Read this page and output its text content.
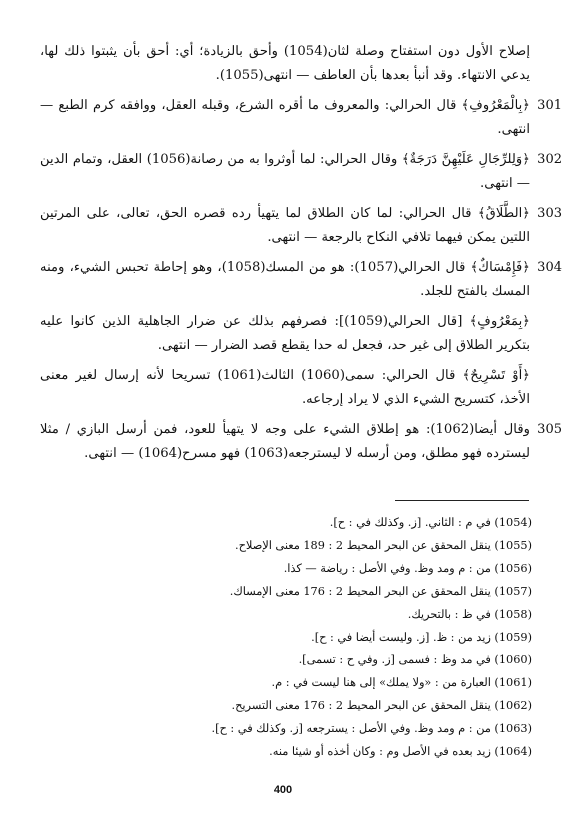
إصلاح الأول دون استفتاح وصلة لثان(1054) وأحق بالزيادة؛ أي: أحق بأن يثبتوا ذلك لها، يدعي الانتهاء. وقد أنبأ بعدها بأن العاطف — انتهى(1055).

301
﴿بِالْمَعْرُوفِ﴾ قال الحرالي: والمعروف ما أقره الشرع، وقبله العقل، ووافقه كرم الطبع — انتهى.
302
﴿وَلِلرِّجَالِ عَلَيْهِنَّ دَرَجَةٌ﴾ وقال الحرالي: لما أوثروا به من رصانة(1056) العقل، وتمام الدين — انتهى.
303
﴿الطَّلَاقُ﴾ قال الحرالي: لما كان الطلاق لما يتهيأ رده قصره الحق، تعالى، على المرتين اللتين يمكن فيهما تلافي النكاح بالرجعة — انتهى.
304
﴿فَإِمْسَاكٌ﴾ قال الحرالي(1057): هو من المسك(1058)، وهو إحاطة تحبس الشيء، ومنه المسك بالفتح للجلد.
﴿بِمَعْرُوفٍ﴾ [قال الحرالي(1059)]: فصرفهم بذلك عن ضرار الجاهلية الذين كانوا عليه بتكرير الطلاق إلى غير حد، فجعل له حدا يقطع قصد الضرار — انتهى.
﴿أَوْ تَسْرِيحٌ﴾ قال الحرالي: سمى(1060) الثالث(1061) تسريحا لأنه إرسال لغير معنى الأخذ، كتسريح الشيء الذي لا يراد إرجاعه.
305
وقال أيضا(1062): هو إطلاق الشيء على وجه لا يتهيأ للعود، فمن أرسل البازي / مثلا ليسترده فهو مطلق، ومن أرسله لا ليسترجعه(1063) فهو مسرح(1064) — انتهى.

(1054) في م : الثاني. [ز. وكذلك في : ح].

(1055) ينقل المحقق عن البحر المحيط 2 : 189 معنى الإصلاح.

(1056) من : م ومد وظ. وفي الأصل : رياضة — كذا.

(1057) ينقل المحقق عن البحر المحيط 2 : 176 معنى الإمساك.

(1058) في ظ : بالتحريك.

(1059) زيد من : ظ. [ز. وليست أيضا في : ح].

(1060) في مد وظ : فسمى [ز. وفي ح : تسمى].

(1061) العبارة من : «ولا يملك» إلى هنا ليست في : م.

(1062) ينقل المحقق عن البحر المحيط 2 : 176 معنى التسريح.

(1063) من : م ومد وظ. وفي الأصل : يسترجعه [ز. وكذلك في : ح].

(1064) زيد بعده في الأصل وم : وكان أخذه أو شيئا منه.

400
